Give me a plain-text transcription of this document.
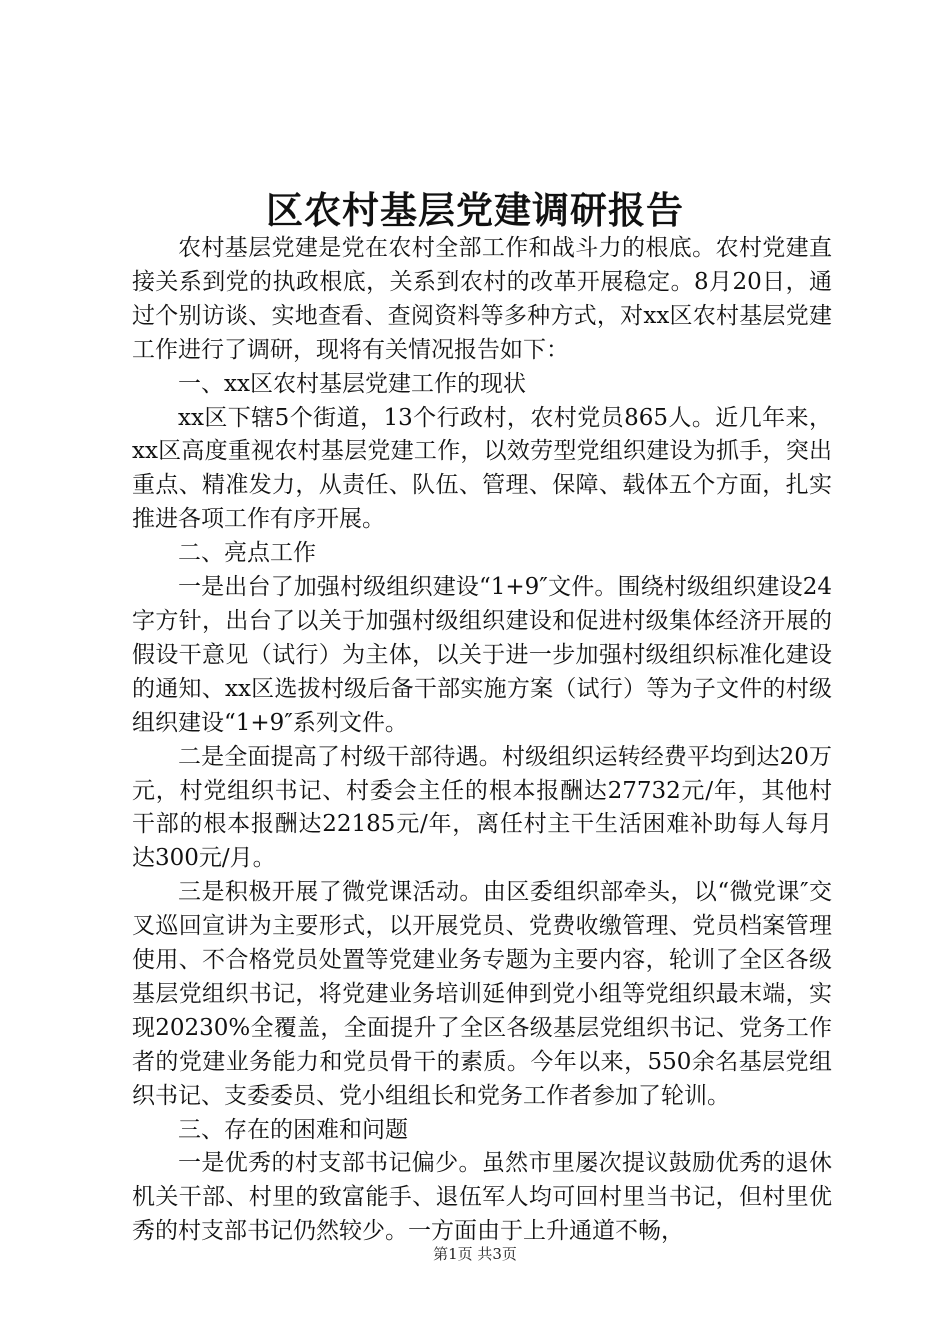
区农村基层党建调研报告

农村基层党建是党在农村全部工作和战斗力的根底。农村党建直接关系到党的执政根底，关系到农村的改革开展稳定。8月20日，通过个别访谈、实地查看、查阅资料等多种方式，对xx区农村基层党建工作进行了调研，现将有关情况报告如下：

一、xx区农村基层党建工作的现状

xx区下辖5个街道，13个行政村，农村党员865人。近几年来，xx区高度重视农村基层党建工作，以效劳型党组织建设为抓手，突出重点、精准发力，从责任、队伍、管理、保障、载体五个方面，扎实推进各项工作有序开展。

二、亮点工作

一是出台了加强村级组织建设“1+9″文件。围绕村级组织建设24字方针，出台了以关于加强村级组织建设和促进村级集体经济开展的假设干意见（试行）为主体，以关于进一步加强村级组织标准化建设的通知、xx区选拔村级后备干部实施方案（试行）等为子文件的村级组织建设“1+9″系列文件。

二是全面提高了村级干部待遇。村级组织运转经费平均到达20万元，村党组织书记、村委会主任的根本报酬达27732元/年，其他村干部的根本报酬达22185元/年，离任村主干生活困难补助每人每月达300元/月。

三是积极开展了微党课活动。由区委组织部牵头，以“微党课″交叉巡回宣讲为主要形式，以开展党员、党费收缴管理、党员档案管理使用、不合格党员处置等党建业务专题为主要内容，轮训了全区各级基层党组织书记，将党建业务培训延伸到党小组等党组织最末端，实现20230%全覆盖，全面提升了全区各级基层党组织书记、党务工作者的党建业务能力和党员骨干的素质。今年以来，550余名基层党组织书记、支委委员、党小组组长和党务工作者参加了轮训。

三、存在的困难和问题

一是优秀的村支部书记偏少。虽然市里屡次提议鼓励优秀的退休机关干部、村里的致富能手、退伍军人均可回村里当书记，但村里优秀的村支部书记仍然较少。一方面由于上升通道不畅，

第1页 共3页
